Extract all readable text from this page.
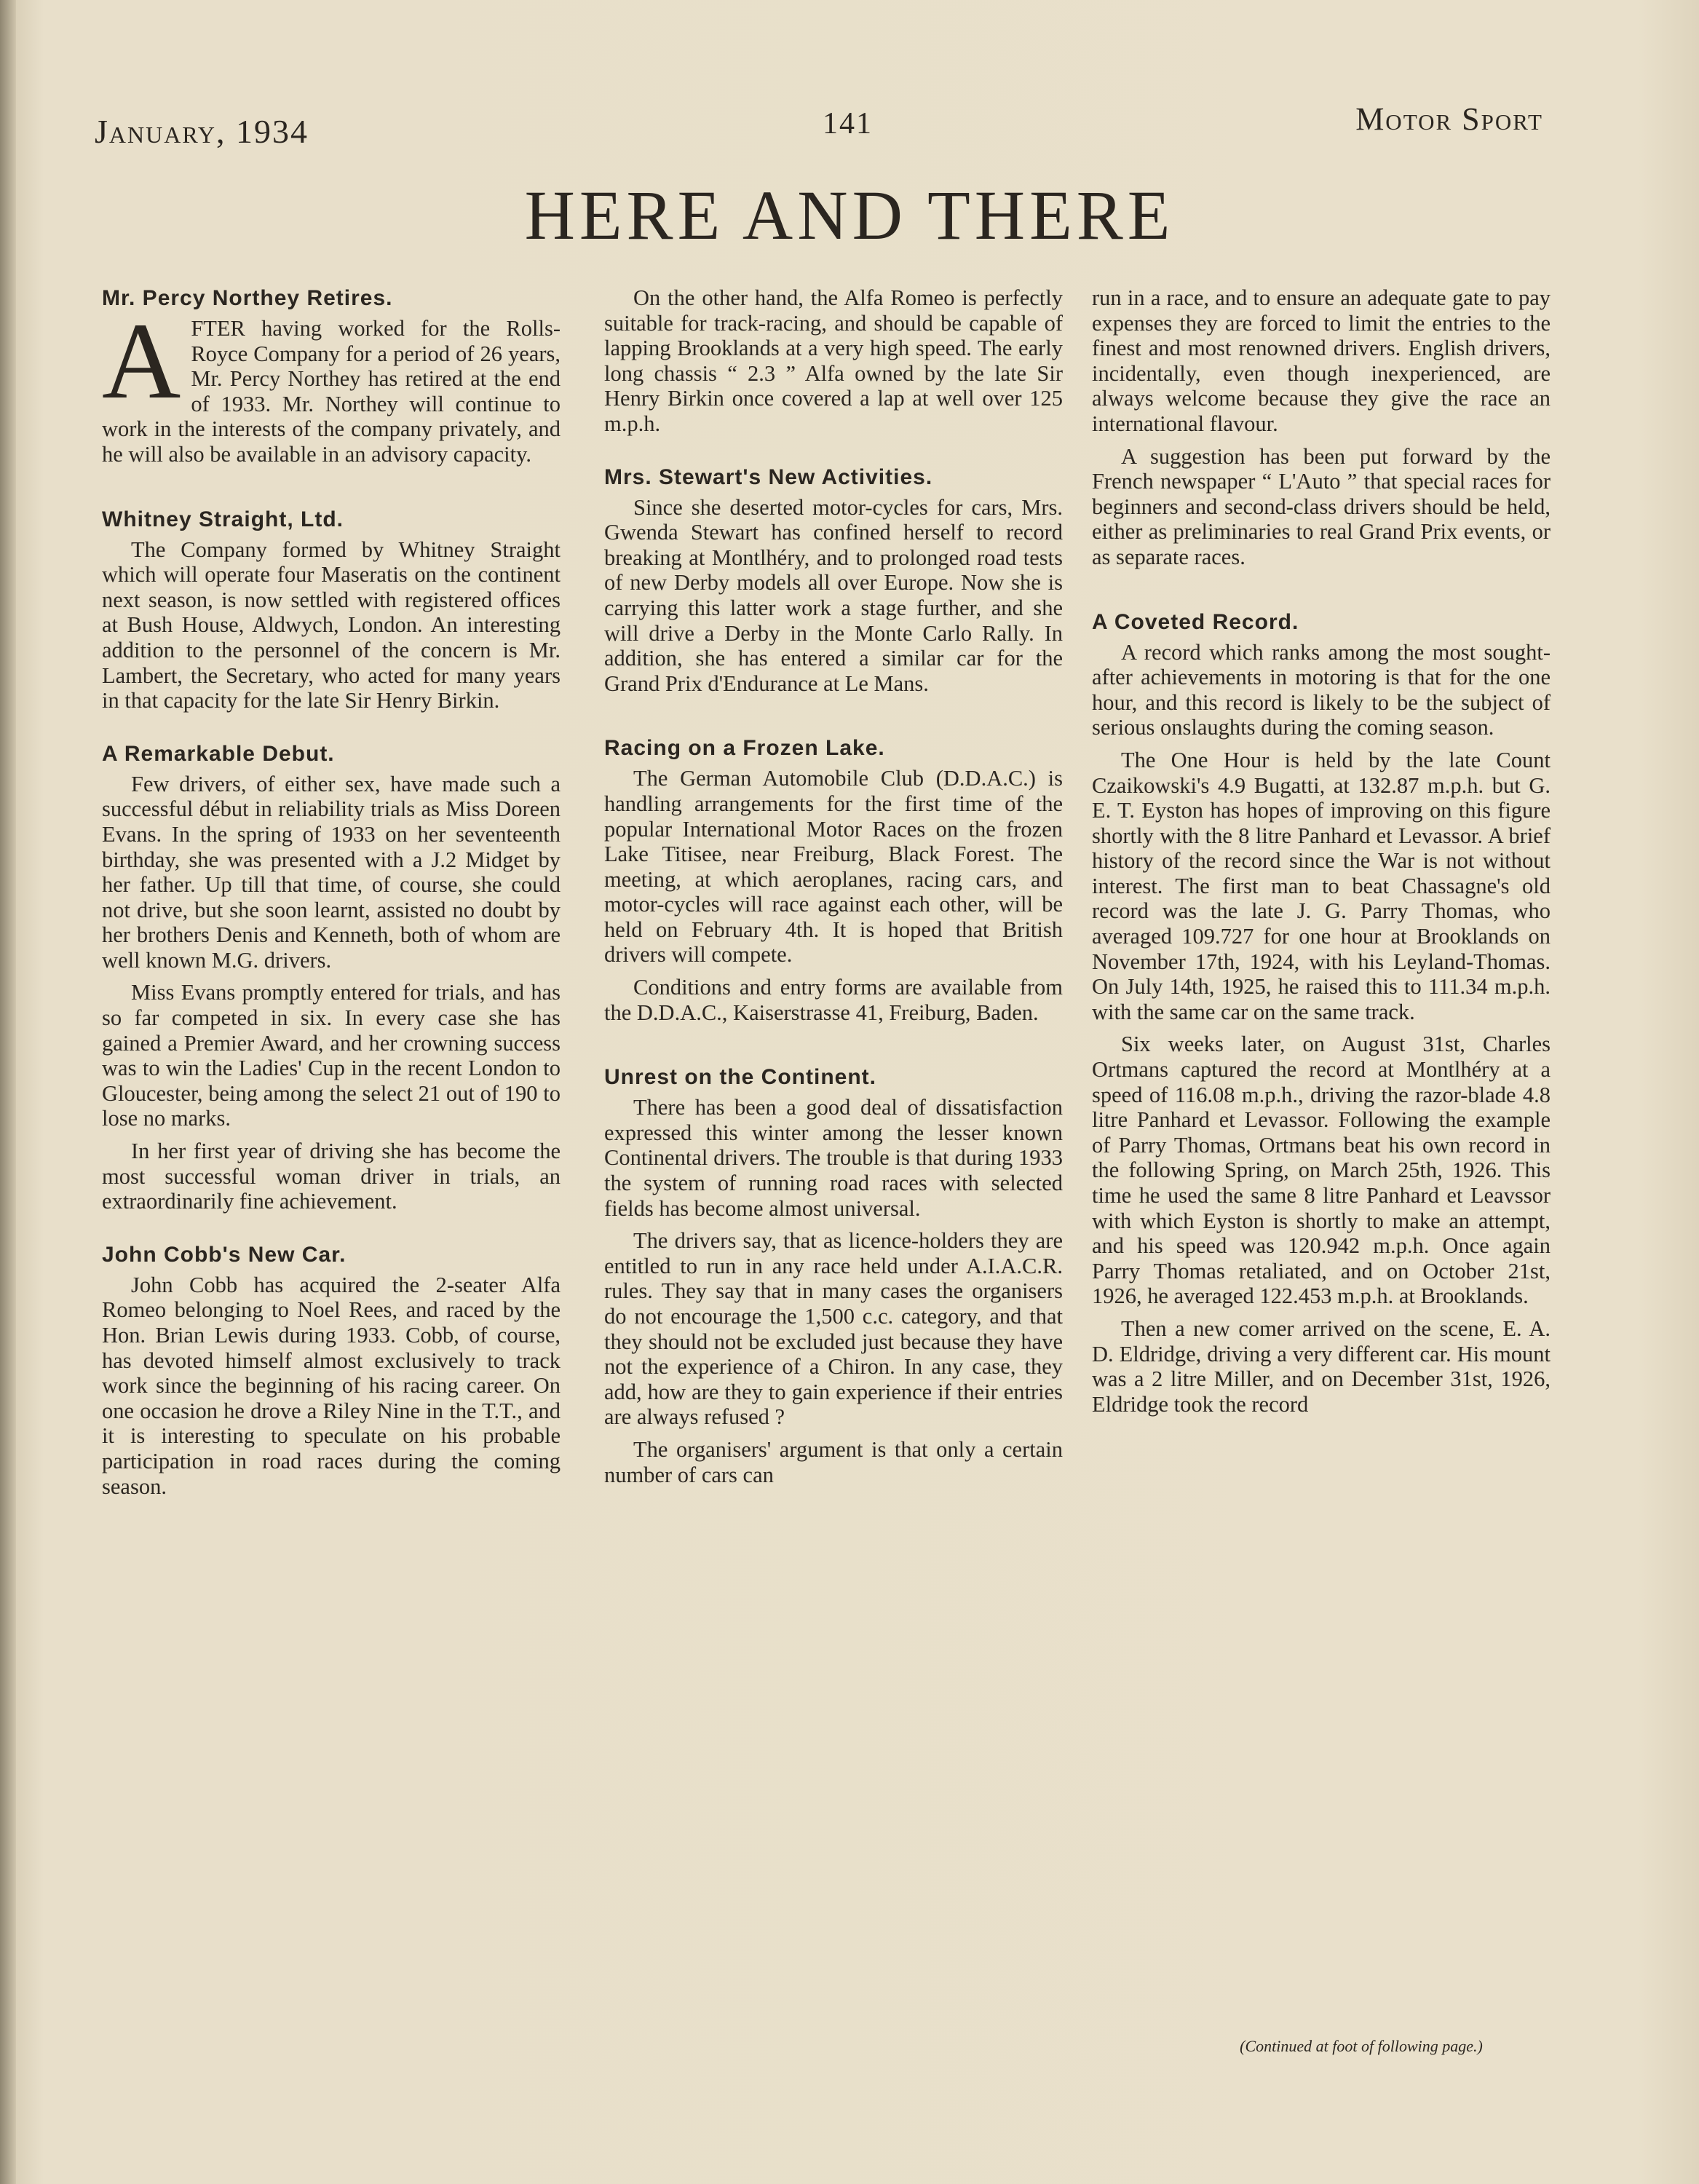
January, 1934	141	Motor Sport
HERE AND THERE
Mr. Percy Northey Retires.

AFTER having worked for the Rolls-Royce Company for a period of 26 years, Mr. Percy Northey has retired at the end of 1933. Mr. Northey will continue to work in the interests of the company privately, and he will also be available in an advisory capacity.

Whitney Straight, Ltd.

The Company formed by Whitney Straight which will operate four Maseratis on the continent next season, is now settled with registered offices at Bush House, Aldwych, London. An interesting addition to the personnel of the concern is Mr. Lambert, the Secretary, who acted for many years in that capacity for the late Sir Henry Birkin.

A Remarkable Debut.

Few drivers, of either sex, have made such a successful début in reliability trials as Miss Doreen Evans. In the spring of 1933 on her seventeenth birthday, she was presented with a J.2 Midget by her father. Up till that time, of course, she could not drive, but she soon learnt, assisted no doubt by her brothers Denis and Kenneth, both of whom are well known M.G. drivers.

Miss Evans promptly entered for trials, and has so far competed in six. In every case she has gained a Premier Award, and her crowning success was to win the Ladies' Cup in the recent London to Gloucester, being among the select 21 out of 190 to lose no marks.

In her first year of driving she has become the most successful woman driver in trials, an extraordinarily fine achievement.

John Cobb's New Car.

John Cobb has acquired the 2-seater Alfa Romeo belonging to Noel Rees, and raced by the Hon. Brian Lewis during 1933. Cobb, of course, has devoted himself almost exclusively to track work since the beginning of his racing career. On one occasion he drove a Riley Nine in the T.T., and it is interesting to speculate on his probable participation in road races during the coming season.

On the other hand, the Alfa Romeo is perfectly suitable for track-racing, and should be capable of lapping Brooklands at a very high speed. The early long chassis “ 2.3 ” Alfa owned by the late Sir Henry Birkin once covered a lap at well over 125 m.p.h.

Mrs. Stewart's New Activities.

Since she deserted motor-cycles for cars, Mrs. Gwenda Stewart has confined herself to record breaking at Montlhéry, and to prolonged road tests of new Derby models all over Europe. Now she is carrying this latter work a stage further, and she will drive a Derby in the Monte Carlo Rally. In addition, she has entered a similar car for the Grand Prix d'Endurance at Le Mans.

Racing on a Frozen Lake.

The German Automobile Club (D.D.A.C.) is handling arrangements for the first time of the popular International Motor Races on the frozen Lake Titisee, near Freiburg, Black Forest. The meeting, at which aeroplanes, racing cars, and motor-cycles will race against each other, will be held on February 4th. It is hoped that British drivers will compete.

Conditions and entry forms are available from the D.D.A.C., Kaiserstrasse 41, Freiburg, Baden.

Unrest on the Continent.

There has been a good deal of dissatisfaction expressed this winter among the lesser known Continental drivers. The trouble is that during 1933 the system of running road races with selected fields has become almost universal.

The drivers say, that as licence-holders they are entitled to run in any race held under A.I.A.C.R. rules. They say that in many cases the organisers do not encourage the 1,500 c.c. category, and that they should not be excluded just because they have not the experience of a Chiron. In any case, they add, how are they to gain experience if their entries are always refused ?

The organisers' argument is that only a certain number of cars can

run in a race, and to ensure an adequate gate to pay expenses they are forced to limit the entries to the finest and most renowned drivers. English drivers, incidentally, even though inexperienced, are always welcome because they give the race an international flavour.

A suggestion has been put forward by the French newspaper “ L'Auto ” that special races for beginners and second-class drivers should be held, either as preliminaries to real Grand Prix events, or as separate races.

A Coveted Record.

A record which ranks among the most sought-after achievements in motoring is that for the one hour, and this record is likely to be the subject of serious onslaughts during the coming season.

The One Hour is held by the late Count Czaikowski's 4.9 Bugatti, at 132.87 m.p.h. but G. E. T. Eyston has hopes of improving on this figure shortly with the 8 litre Panhard et Levassor. A brief history of the record since the War is not without interest. The first man to beat Chassagne's old record was the late J. G. Parry Thomas, who averaged 109.727 for one hour at Brooklands on November 17th, 1924, with his Leyland-Thomas. On July 14th, 1925, he raised this to 111.34 m.p.h. with the same car on the same track.

Six weeks later, on August 31st, Charles Ortmans captured the record at Montlhéry at a speed of 116.08 m.p.h., driving the razor-blade 4.8 litre Panhard et Levassor. Following the example of Parry Thomas, Ortmans beat his own record in the following Spring, on March 25th, 1926. This time he used the same 8 litre Panhard et Leavssor with which Eyston is shortly to make an attempt, and his speed was 120.942 m.p.h. Once again Parry Thomas retaliated, and on October 21st, 1926, he averaged 122.453 m.p.h. at Brooklands.

Then a new comer arrived on the scene, E. A. D. Eldridge, driving a very different car. His mount was a 2 litre Miller, and on December 31st, 1926, Eldridge took the record

(Continued at foot of following page.)
